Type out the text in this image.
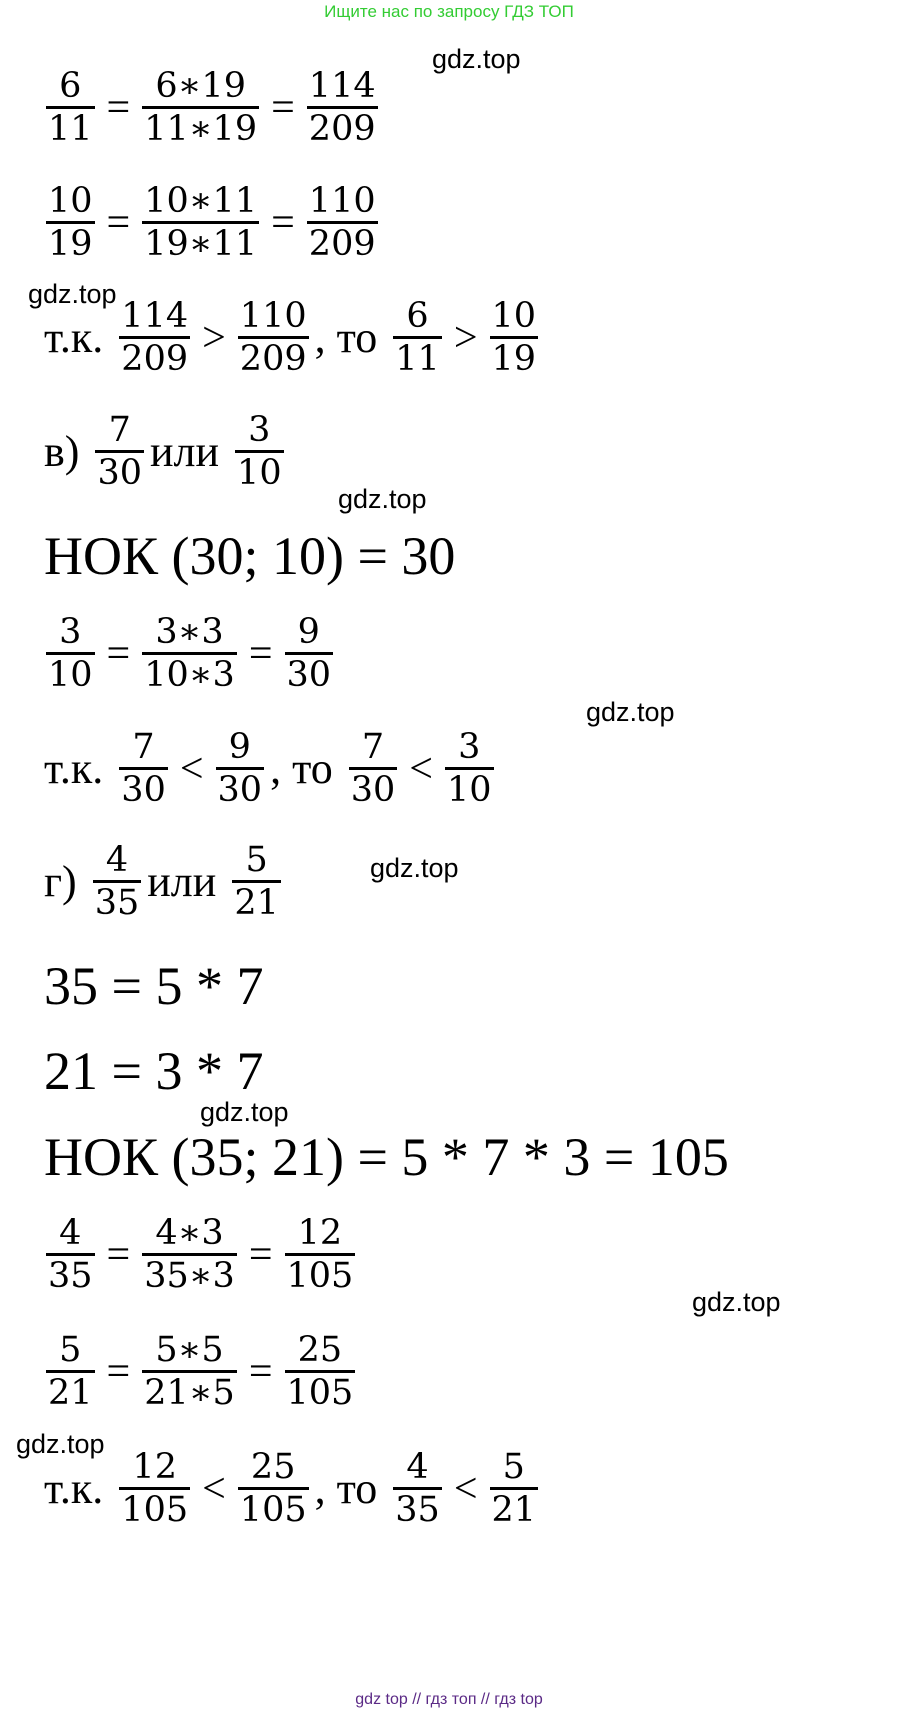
Ищите нас по запросу ГДЗ ТОП
gdz.top
gdz.top
gdz.top
gdz.top
gdz.top
gdz.top
gdz.top
gdz.top
$\frac{6}{11} = \frac{6∗19}{11∗19} = \frac{114}{209}$
$\frac{10}{19} = \frac{10∗11}{19∗11} = \frac{110}{209}$
т.к. $\frac{114}{209} > \frac{110}{209}$ , то $\frac{6}{11} > \frac{10}{19}$
$в) \frac{7}{30}$ или $\frac{3}{10}$
НОК (30; 10) = 30
$\frac{3}{10} = \frac{3∗3}{10∗3} = \frac{9}{30}$
т.к. $\frac{7}{30} < \frac{9}{30}$ , то $\frac{7}{30} < \frac{3}{10}$
$г) \frac{4}{35}$ или $\frac{5}{21}$
35 = 5 * 7
21 = 3 * 7
НОК (35; 21) = 5 * 7 * 3 = 105
$\frac{4}{35} = \frac{4∗3}{35∗3} = \frac{12}{105}$
$\frac{5}{21} = \frac{5∗5}{21∗5} = \frac{25}{105}$
т.к. $\frac{12}{105} < \frac{25}{105}$ , то $\frac{4}{35} < \frac{5}{21}$
gdz top // гдз топ // гдз top
